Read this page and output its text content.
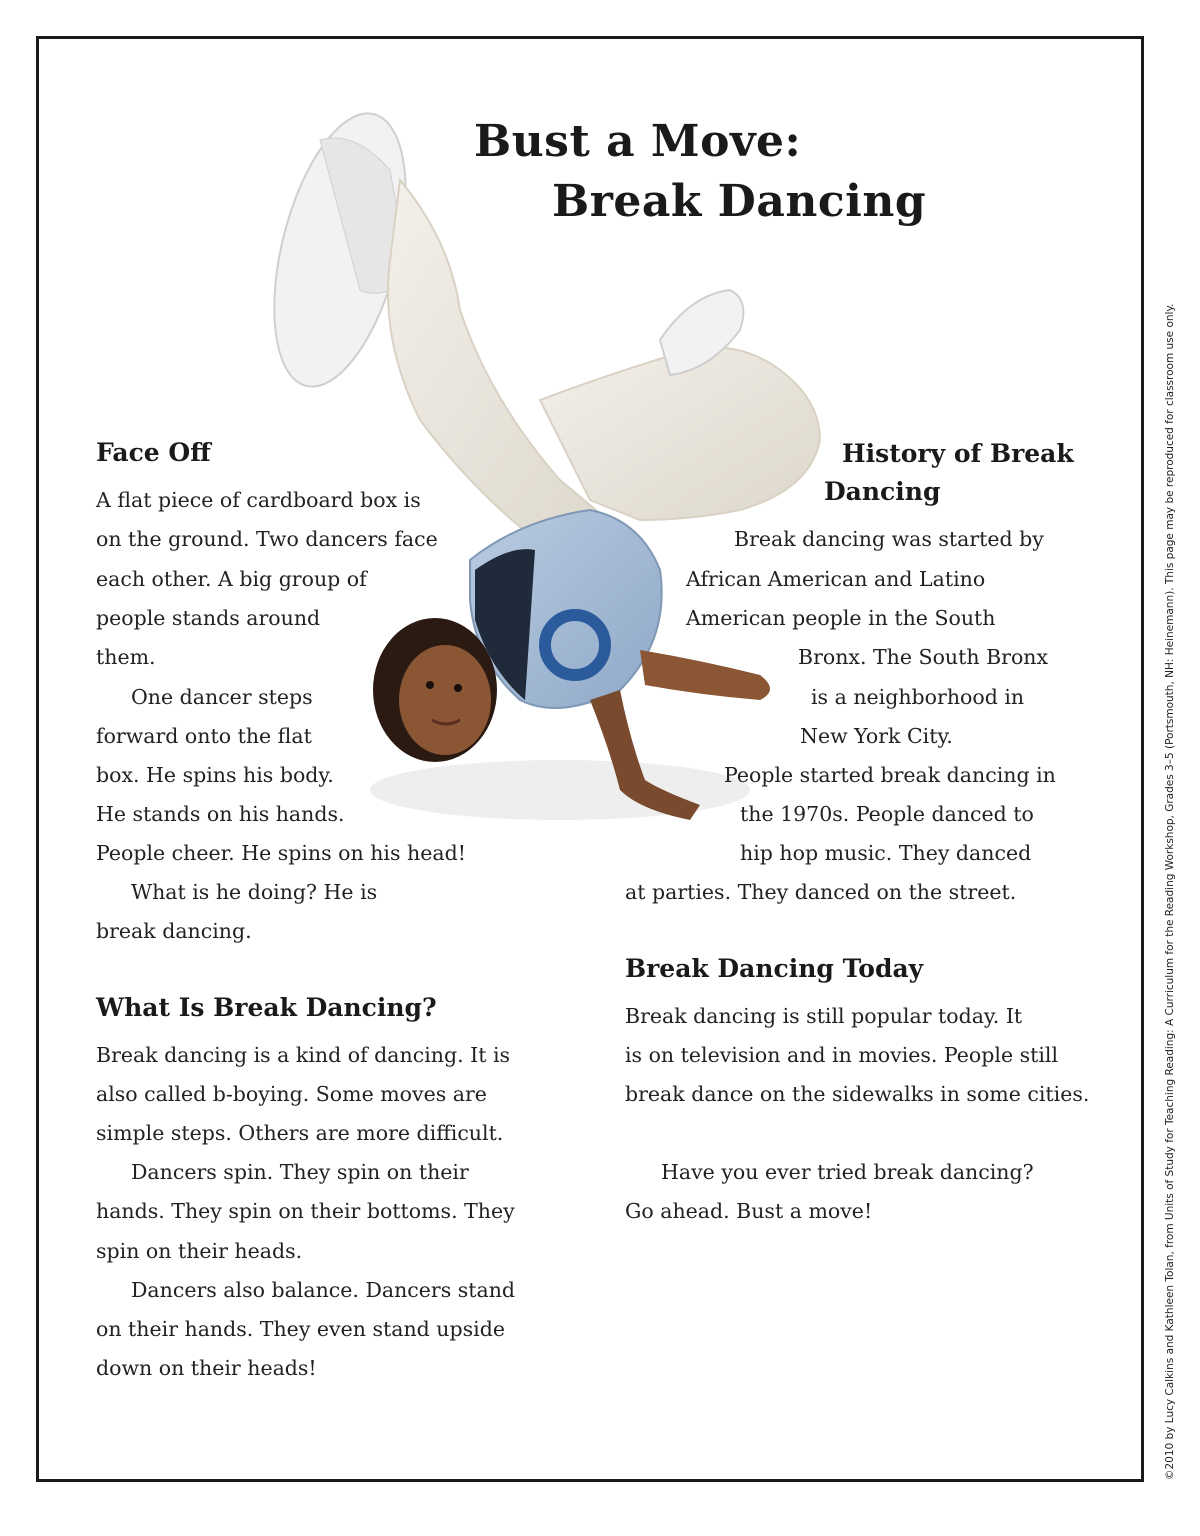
Bust a Move:
Break Dancing
Face Off
A flat piece of cardboard box is
on the ground. Two dancers face
each other. A big group of
people stands around
them.
One dancer steps
forward onto the flat
box. He spins his body.
He stands on his hands.
People cheer. He spins on his head!
What is he doing? He is
break dancing.
What Is Break Dancing?
Break dancing is a kind of dancing. It is
also called b-boying. Some moves are
simple steps. Others are more difficult.
Dancers spin. They spin on their
hands. They spin on their bottoms. They
spin on their heads.
Dancers also balance. Dancers stand
on their hands. They even stand upside
down on their heads!
History of Break
Dancing
Break dancing was started by
African American and Latino
American people in the South
Bronx. The South Bronx
is a neighborhood in
New York City.
People started break dancing in
the 1970s. People danced to
hip hop music. They danced
at parties. They danced on the street.
Break Dancing Today
Break dancing is still popular today. It
is on television and in movies. People still
break dance on the sidewalks in some cities.
Have you ever tried break dancing?
Go ahead. Bust a move!	©2010 by Lucy Calkins and Kathleen Tolan, from Units of Study for Teaching Reading: A Curriculum for the Reading Workshop, Grades 3–5 (Portsmouth, NH: Heinemann). This page may be reproduced for classroom use only.
